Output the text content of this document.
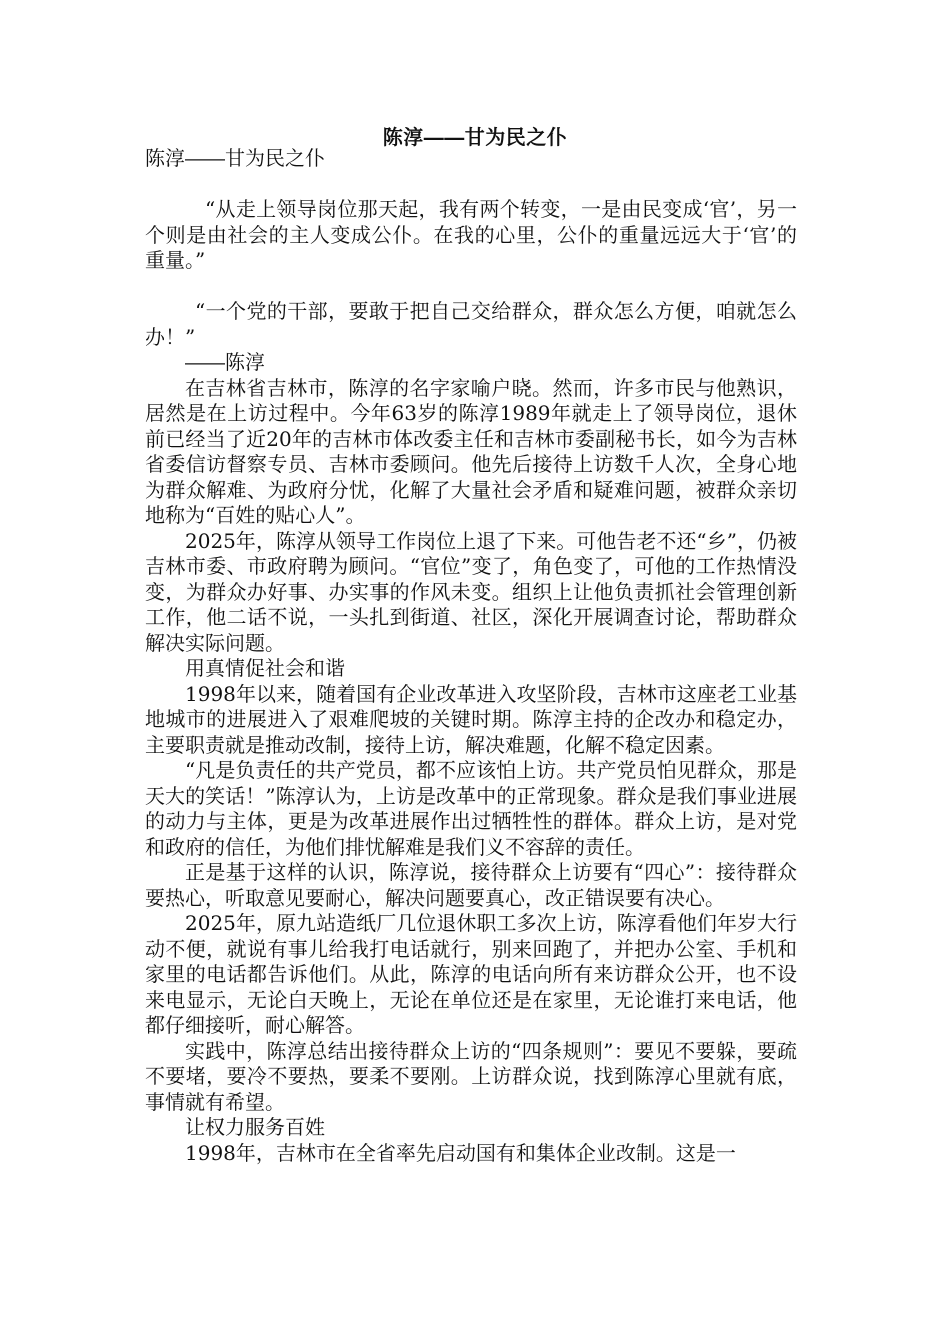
陈淳――甘为民之仆

陈淳――甘为民之仆

“从走上领导岗位那天起，我有两个转变，一是由民变成‘官’，另一个则是由社会的主人变成公仆。在我的心里，公仆的重量远远大于‘官’的重量。”

“一个党的干部，要敢于把自己交给群众，群众怎么方便，咱就怎么办！”

――陈淳

在吉林省吉林市，陈淳的名字家喻户晓。然而，许多市民与他熟识，居然是在上访过程中。今年63岁的陈淳1989年就走上了领导岗位，退休前已经当了近20年的吉林市体改委主任和吉林市委副秘书长，如今为吉林省委信访督察专员、吉林市委顾问。他先后接待上访数千人次，全身心地为群众解难、为政府分忧，化解了大量社会矛盾和疑难问题，被群众亲切地称为“百姓的贴心人”。

2025年，陈淳从领导工作岗位上退了下来。可他告老不还“乡”，仍被吉林市委、市政府聘为顾问。“官位”变了，角色变了，可他的工作热情没变，为群众办好事、办实事的作风未变。组织上让他负责抓社会管理创新工作，他二话不说，一头扎到街道、社区，深化开展调查讨论，帮助群众解决实际问题。

用真情促社会和谐

1998年以来，随着国有企业改革进入攻坚阶段，吉林市这座老工业基地城市的进展进入了艰难爬坡的关键时期。陈淳主持的企改办和稳定办，主要职责就是推动改制，接待上访，解决难题，化解不稳定因素。

“凡是负责任的共产党员，都不应该怕上访。共产党员怕见群众，那是天大的笑话！”陈淳认为，上访是改革中的正常现象。群众是我们事业进展的动力与主体，更是为改革进展作出过牺牲性的群体。群众上访，是对党和政府的信任，为他们排忧解难是我们义不容辞的责任。

正是基于这样的认识，陈淳说，接待群众上访要有“四心”：接待群众要热心，听取意见要耐心，解决问题要真心，改正错误要有决心。

2025年，原九站造纸厂几位退休职工多次上访，陈淳看他们年岁大行动不便，就说有事儿给我打电话就行，别来回跑了，并把办公室、手机和家里的电话都告诉他们。从此，陈淳的电话向所有来访群众公开，也不设来电显示，无论白天晚上，无论在单位还是在家里，无论谁打来电话，他都仔细接听，耐心解答。

实践中，陈淳总结出接待群众上访的“四条规则”：要见不要躲，要疏不要堵，要冷不要热，要柔不要刚。上访群众说，找到陈淳心里就有底，事情就有希望。

让权力服务百姓

1998年，吉林市在全省率先启动国有和集体企业改制。这是一
